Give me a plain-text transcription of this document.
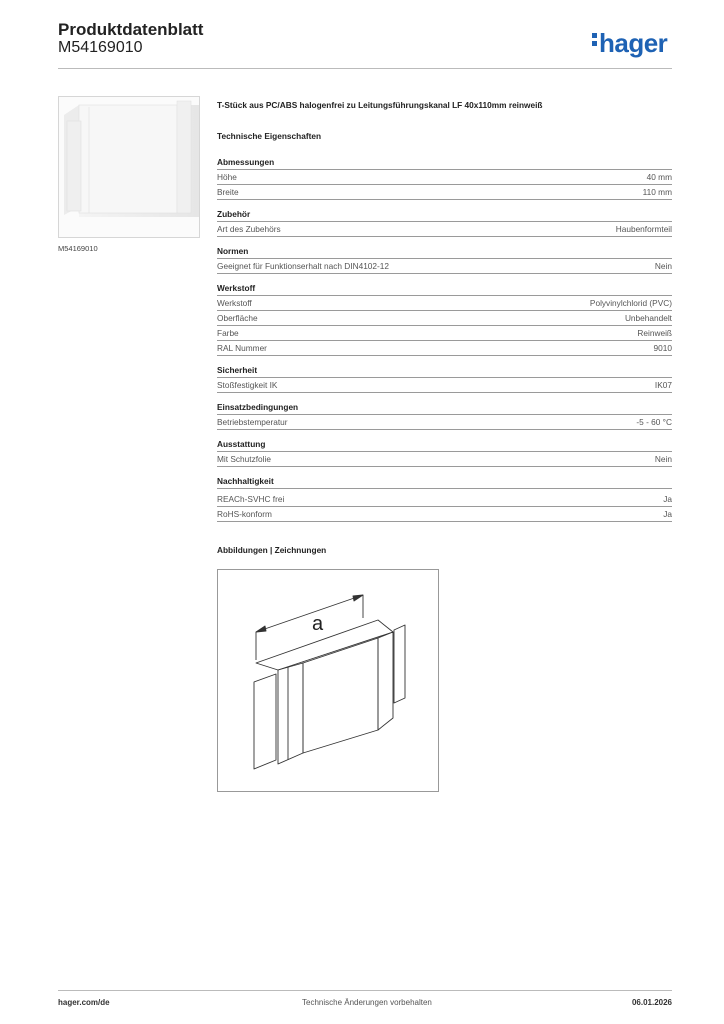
Produktdatenblatt
M54169010	hager
M54169010
T-Stück aus PC/ABS halogenfrei zu Leitungsführungskanal LF 40x110mm reinweiß
Technische Eigenschaften
Abmessungen
Höhe	40 mm
Breite	110 mm
Zubehör
Art des Zubehörs	Haubenformteil
Normen
Geeignet für Funktionserhalt nach DIN4102-12	Nein
Werkstoff
Werkstoff	Polyvinylchlorid (PVC)
Oberfläche	Unbehandelt
Farbe	Reinweiß
RAL Nummer	9010
Sicherheit
Stoßfestigkeit IK	IK07
Einsatzbedingungen
Betriebstemperatur	-5 - 60 °C
Ausstattung
Mit Schutzfolie	Nein
Nachhaltigkeit
REACh-SVHC frei	Ja
RoHS-konform	Ja
Abbildungen | Zeichnungen
a
hager.com/de	Technische Änderungen vorbehalten	06.01.2026
